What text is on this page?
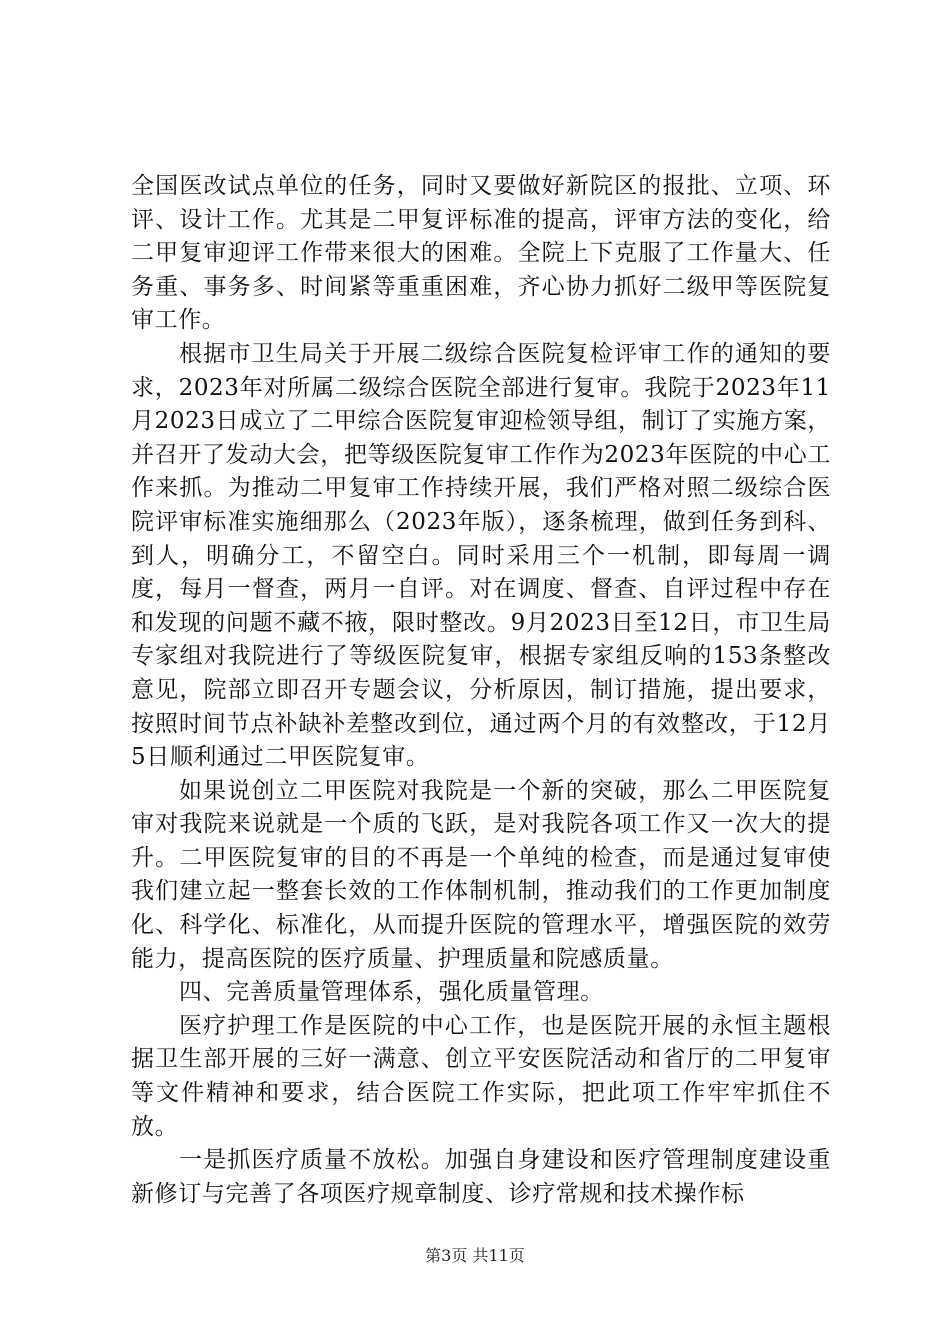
全国医改试点单位的任务，同时又要做好新院区的报批、立项、环评、设计工作。尤其是二甲复评标准的提高，评审方法的变化，给二甲复审迎评工作带来很大的困难。全院上下克服了工作量大、任务重、事务多、时间紧等重重困难，齐心协力抓好二级甲等医院复审工作。

根据市卫生局关于开展二级综合医院复检评审工作的通知的要求，2023年对所属二级综合医院全部进行复审。我院于2023年11月2023日成立了二甲综合医院复审迎检领导组，制订了实施方案，并召开了发动大会，把等级医院复审工作作为2023年医院的中心工作来抓。为推动二甲复审工作持续开展，我们严格对照二级综合医院评审标准实施细那么（2023年版），逐条梳理，做到任务到科、到人，明确分工，不留空白。同时采用三个一机制，即每周一调度，每月一督查，两月一自评。对在调度、督查、自评过程中存在和发现的问题不藏不掖，限时整改。9月2023日至12日，市卫生局专家组对我院进行了等级医院复审，根据专家组反响的153条整改意见，院部立即召开专题会议，分析原因，制订措施，提出要求，按照时间节点补缺补差整改到位，通过两个月的有效整改，于12月5日顺利通过二甲医院复审。

如果说创立二甲医院对我院是一个新的突破，那么二甲医院复审对我院来说就是一个质的飞跃，是对我院各项工作又一次大的提升。二甲医院复审的目的不再是一个单纯的检查，而是通过复审使我们建立起一整套长效的工作体制机制，推动我们的工作更加制度化、科学化、标准化，从而提升医院的管理水平，增强医院的效劳能力，提高医院的医疗质量、护理质量和院感质量。

四、完善质量管理体系，强化质量管理。

医疗护理工作是医院的中心工作，也是医院开展的永恒主题根据卫生部开展的三好一满意、创立平安医院活动和省厅的二甲复审等文件精神和要求，结合医院工作实际，把此项工作牢牢抓住不放。

一是抓医疗质量不放松。加强自身建设和医疗管理制度建设重新修订与完善了各项医疗规章制度、诊疗常规和技术操作标

第3页 共11页
